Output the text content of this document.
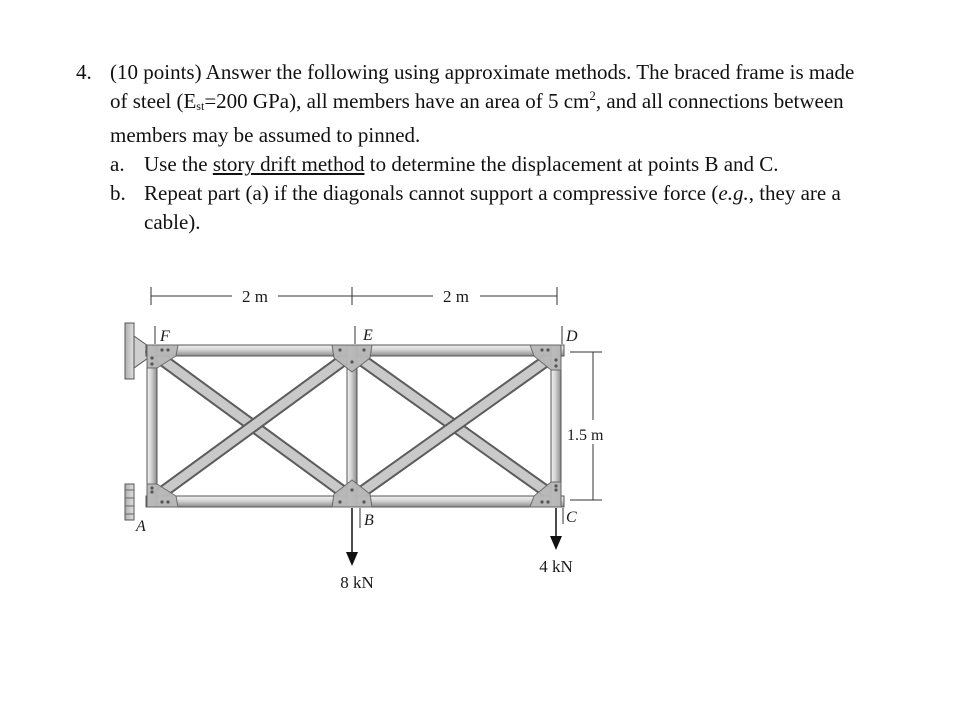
4. (10 points) Answer the following using approximate methods. The braced frame is made
of steel (Est=200 GPa), all members have an area of 5 $cm^2$, and all connections between
members may be assumed to pinned.
a. Use the story drift method to determine the displacement at points B and C.
b. Repeat part (a) if the diagonals cannot support a compressive force (e.g., they are a
cable).
2 m	2 m
1.5 m
F	E	D
A	B	C
8 kN
4 kN
